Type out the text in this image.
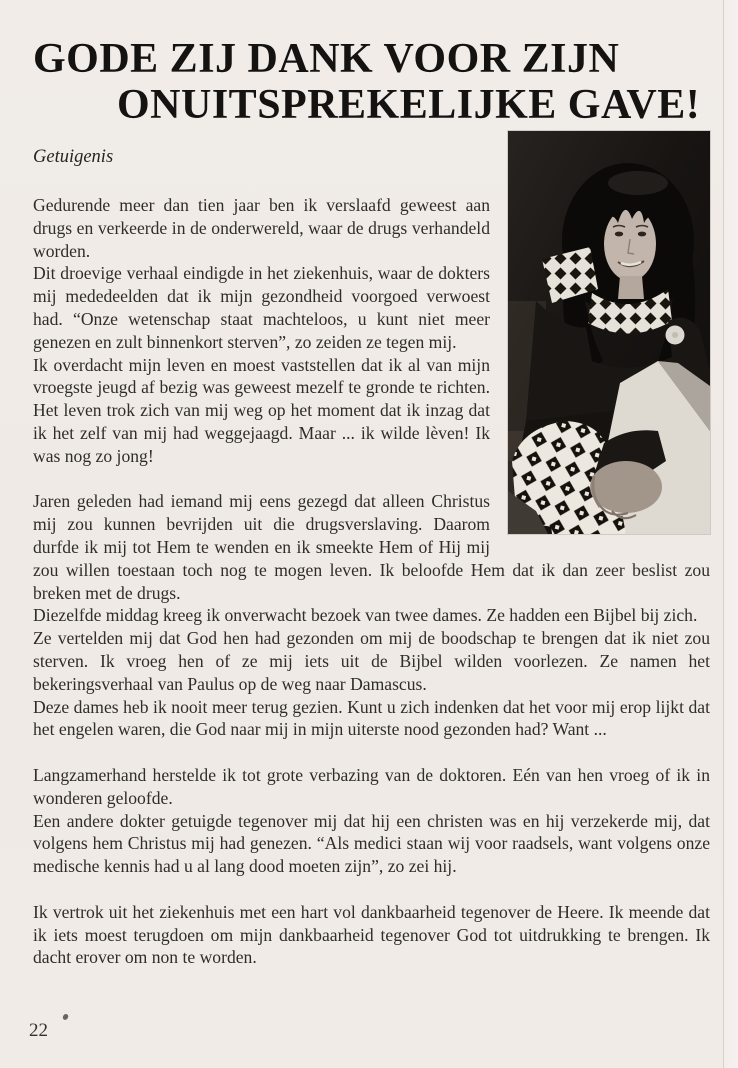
GODE ZIJ DANK VOOR ZIJN
ONUITSPREKELIJKE GAVE!

Getuigenis

Gedurende meer dan tien jaar ben ik verslaafd geweest aan drugs en verkeerde in de onderwereld, waar de drugs verhandeld worden.

Dit droevige verhaal eindigde in het ziekenhuis, waar de dokters mij mededeelden dat ik mijn gezondheid voorgoed verwoest had. “Onze wetenschap staat machteloos, u kunt niet meer genezen en zult binnenkort sterven”, zo zeiden ze tegen mij.

Ik overdacht mijn leven en moest vaststellen dat ik al van mijn vroegste jeugd af bezig was geweest mezelf te gronde te richten. Het leven trok zich van mij weg op het moment dat ik inzag dat ik het zelf van mij had weggejaagd. Maar ... ik wilde lèven! Ik was nog zo jong!

Jaren geleden had iemand mij eens gezegd dat alleen Christus mij zou kunnen bevrijden uit die drugsverslaving. Daarom durfde ik mij tot Hem te wenden en ik smeekte Hem of Hij mij zou willen toestaan toch nog te mogen leven. Ik beloofde Hem dat ik dan zeer beslist zou breken met de drugs.

Diezelfde middag kreeg ik onverwacht bezoek van twee dames. Ze hadden een Bijbel bij zich.

Ze vertelden mij dat God hen had gezonden om mij de boodschap te brengen dat ik niet zou sterven. Ik vroeg hen of ze mij iets uit de Bijbel wilden voorlezen. Ze namen het bekeringsverhaal van Paulus op de weg naar Damascus.

Deze dames heb ik nooit meer terug gezien. Kunt u zich indenken dat het voor mij erop lijkt dat het engelen waren, die God naar mij in mijn uiterste nood gezonden had? Want ...

Langzamerhand herstelde ik tot grote verbazing van de doktoren. Eén van hen vroeg of ik in wonderen geloofde.

Een andere dokter getuigde tegenover mij dat hij een christen was en hij verzekerde mij, dat volgens hem Christus mij had genezen. “Als medici staan wij voor raadsels, want volgens onze medische kennis had u al lang dood moeten zijn”, zo zei hij.

Ik vertrok uit het ziekenhuis met een hart vol dankbaarheid tegenover de Heere. Ik meende dat ik iets moest terugdoen om mijn dankbaarheid tegenover God tot uitdrukking te brengen. Ik dacht erover om non te worden.

22
